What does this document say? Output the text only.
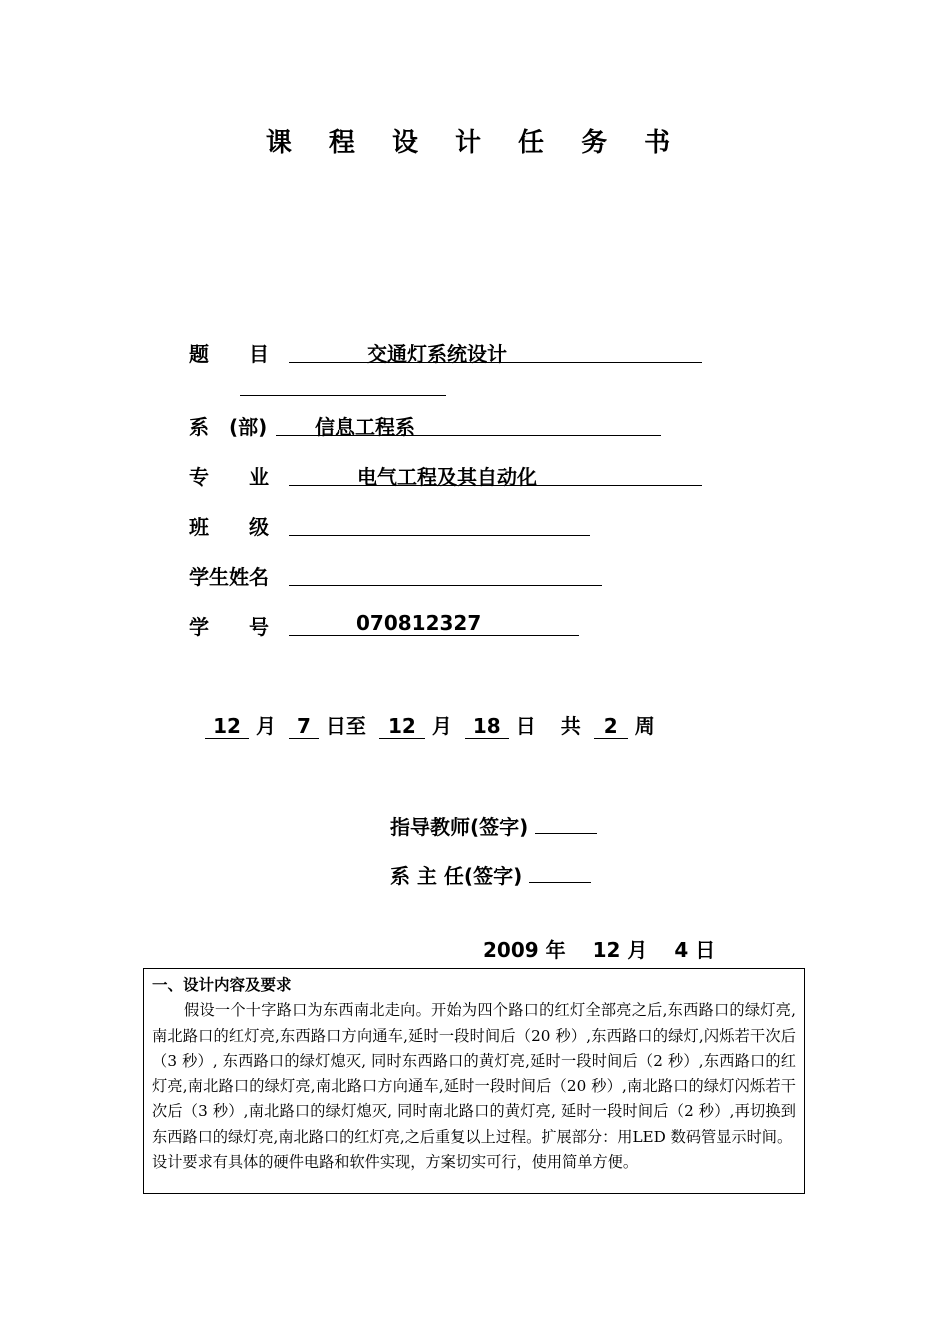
课 程 设 计 任 务 书
题　　目	交通灯系统设计
系　(部) 信息工程系
专　　业	电气工程及其自动化
班　　级
学生姓名
学　　号	070812327
12 月 7 日至 12 月 18 日 共 2 周
指导教师(签字)
系 主 任(签字)
2009 年 12 月 4 日
一、设计内容及要求
假设一个十字路口为东西南北走向。开始为四个路口的红灯全部亮之后,东西路口的绿灯亮,南北路口的红灯亮,东西路口方向通车,延时一段时间后（20 秒）,东西路口的绿灯,闪烁若干次后（3 秒）, 东西路口的绿灯熄灭, 同时东西路口的黄灯亮,延时一段时间后（2 秒）,东西路口的红灯亮,南北路口的绿灯亮,南北路口方向通车,延时一段时间后（20 秒）,南北路口的绿灯闪烁若干次后（3 秒）,南北路口的绿灯熄灭, 同时南北路口的黄灯亮, 延时一段时间后（2 秒）,再切换到东西路口的绿灯亮,南北路口的红灯亮,之后重复以上过程。扩展部分：用LED 数码管显示时间。
设计要求有具体的硬件电路和软件实现，方案切实可行，使用简单方便。
